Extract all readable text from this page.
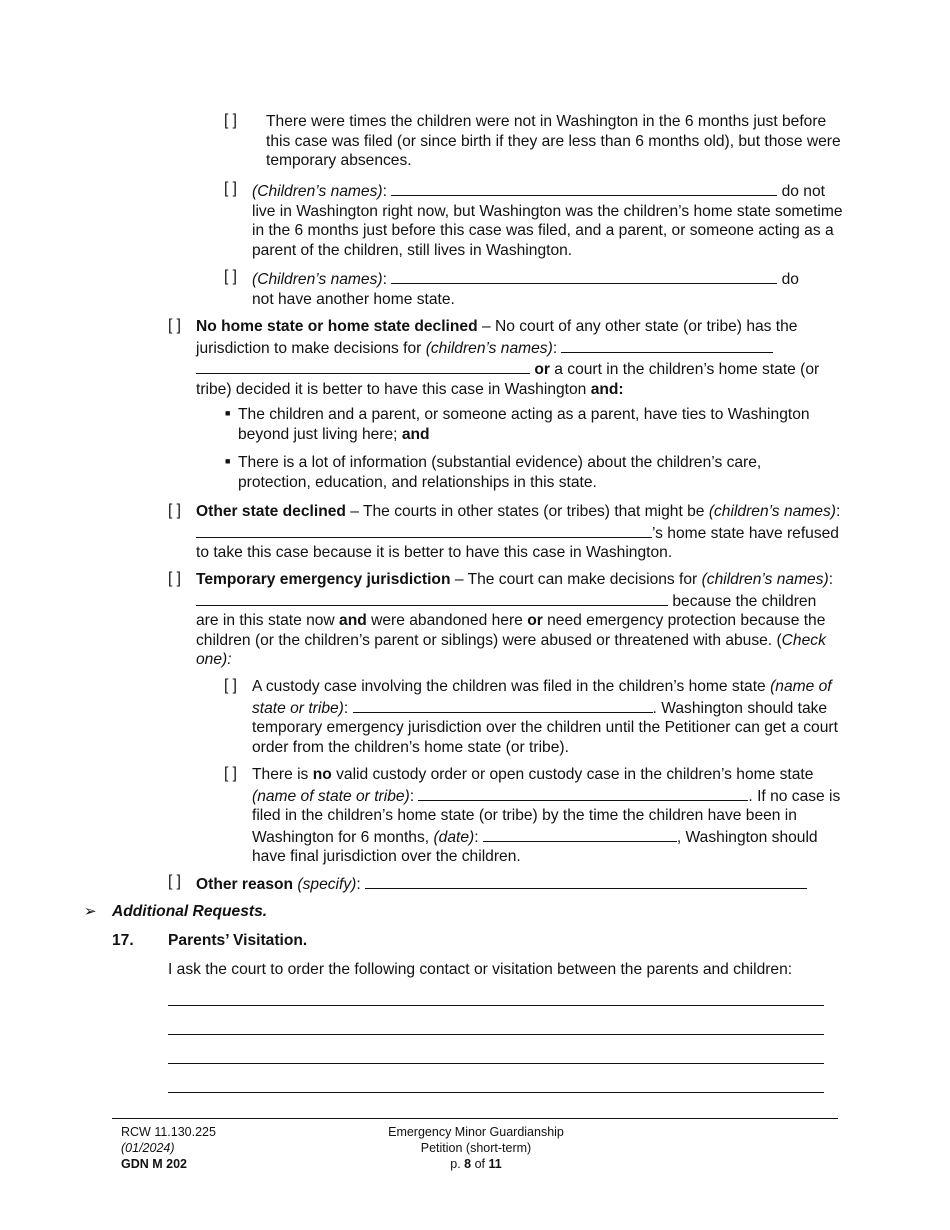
[ ] There were times the children were not in Washington in the 6 months just before this case was filed (or since birth if they are less than 6 months old), but those were temporary absences.
[ ] (Children’s names):	do not live in Washington right now, but Washington was the children’s home state sometime in the 6 months just before this case was filed, and a parent, or someone acting as a parent of the children, still lives in Washington.
[ ] (Children’s names):	do
not have another home state.
[ ] No home state or home state declined – No court of any other state (or tribe) has the jurisdiction to make decisions for (children’s names):   or a court in the children’s home state (or tribe) decided it is better to have this case in Washington and:
■ The children and a parent, or someone acting as a parent, have ties to Washington beyond just living here; and
■ There is a lot of information (substantial evidence) about the children’s care, protection, education, and relationships in this state.
[ ] Other state declined – The courts in other states (or tribes) that might be (children’s names): ’s home state have refused to take this case because it is better to have this case in Washington.
[ ] Temporary emergency jurisdiction – The court can make decisions for (children’s names):  because the children are in this state now and were abandoned here or need emergency protection because the children (or the children’s parent or siblings) were abused or threatened with abuse. (Check one):
[ ] A custody case involving the children was filed in the children’s home state (name of state or tribe):	. Washington should take temporary emergency jurisdiction over the children until the Petitioner can get a court order from the children’s home state (or tribe).
[ ] There is no valid custody order or open custody case in the children’s home state (name of state or tribe):	. If no case is filed in the children’s home state (or tribe) by the time the children have been in Washington for 6 months, (date):	, Washington should have final jurisdiction over the children.
[ ] Other reason (specify):
➢ Additional Requests.
17. Parents’ Visitation.
I ask the court to order the following contact or visitation between the parents and children:
RCW 11.130.225
(01/2024)
GDN M 202
Emergency Minor Guardianship
Petition (short-term)
p. 8 of 11
